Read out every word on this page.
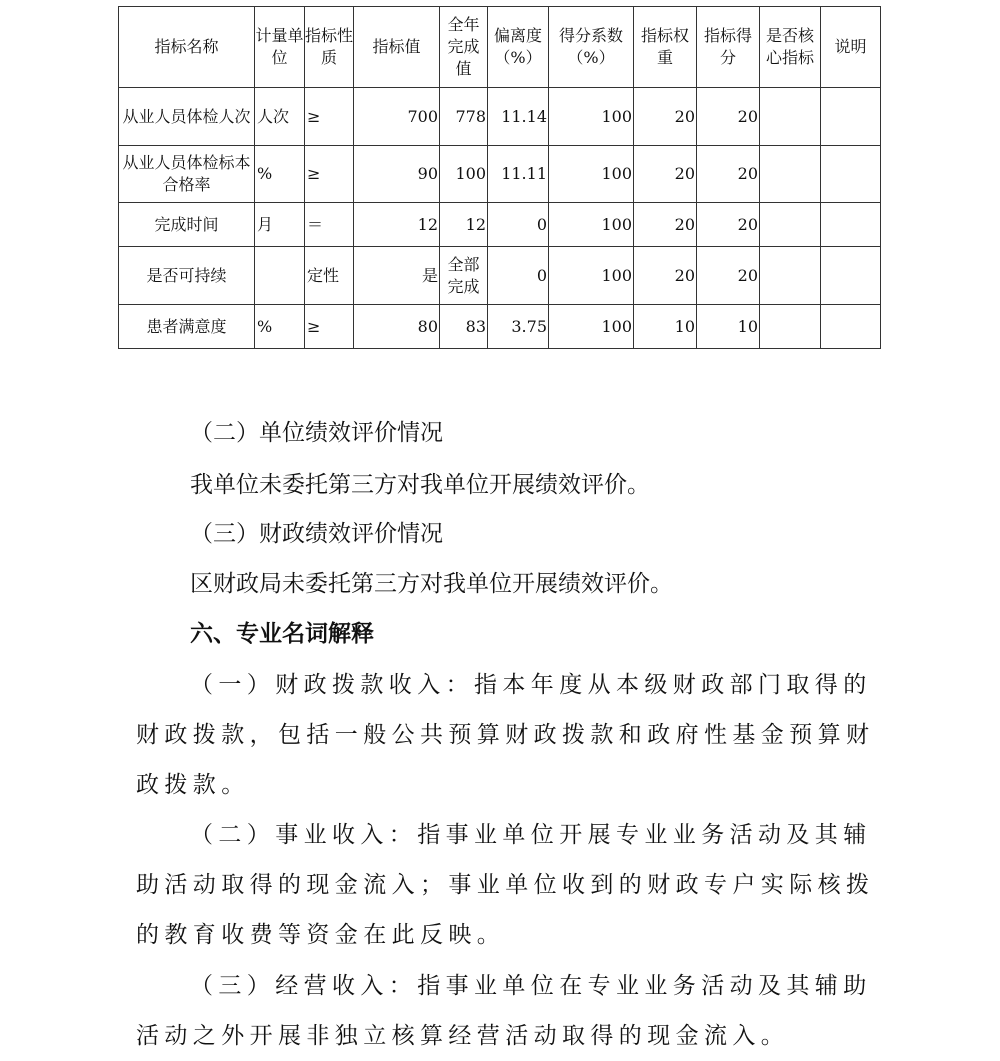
指标名称	计量单位	指标性质	指标值	全年完成值	偏离度（%）	得分系数（%）	指标权重	指标得分	是否核心指标	说明
从业人员体检人次	人次	≥	700	778	11.14	100	20	20		
从业人员体检标本合格率	%	≥	90	100	11.11	100	20	20		
完成时间	月	＝	12	12	0	100	20	20		
是否可持续		定性	是	全部完成	0	100	20	20		
患者满意度	%	≥	80	83	3.75	100	10	10		
（二）单位绩效评价情况
我单位未委托第三方对我单位开展绩效评价。
（三）财政绩效评价情况
区财政局未委托第三方对我单位开展绩效评价。
六、专业名词解释
（一）财政拨款收入：指本年度从本级财政部门取得的财政拨款，包括一般公共预算财政拨款和政府性基金预算财政拨款。
（二）事业收入：指事业单位开展专业业务活动及其辅助活动取得的现金流入；事业单位收到的财政专户实际核拨的教育收费等资金在此反映。
（三）经营收入：指事业单位在专业业务活动及其辅助活动之外开展非独立核算经营活动取得的现金流入。
